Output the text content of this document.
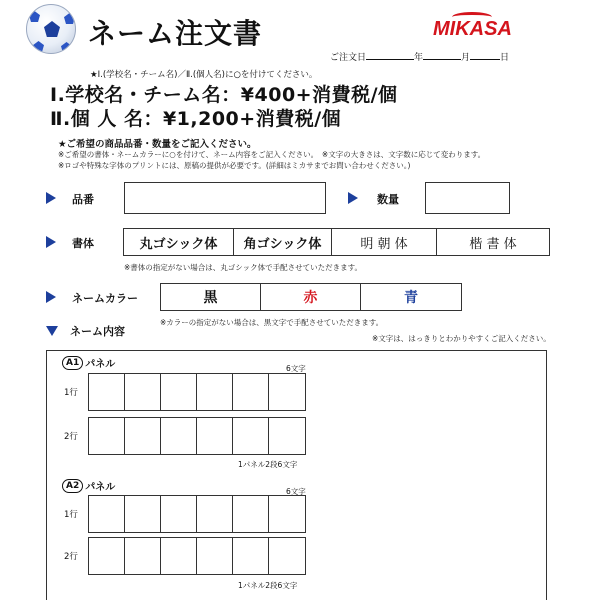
ネーム注文書	MIKASA
ご注文日	年	月	日
★Ⅰ.(学校名・チーム名)／Ⅱ.(個人名)に○を付けてください。
Ⅰ.学校名・チーム名：¥400+消費税/個
Ⅱ.個 人 名：¥1,200+消費税/個
★ご希望の商品品番・数量をご記入ください。
※ご希望の書体・ネームカラーに○を付けて、ネーム内容をご記入ください。　※文字の大きさは、文字数に応じて変わります。
※ロゴや特殊な字体のプリントには、原稿の提供が必要です。(詳細はミカサまでお問い合わせください。)
品番	数量
書体	丸ゴシック体	角ゴシック体	明 朝 体	楷 書 体
※書体の指定がない場合は、丸ゴシック体で手配させていただきます。
ネームカラー	黒	赤	青
※カラーの指定がない場合は、黒文字で手配させていただきます。
ネーム内容
※文字は、はっきりとわかりやすくご記入ください。
A1 パネル	6文字
1行
2行
1パネル2段6文字
A2 パネル	6文字
1行
2行
1パネル2段6文字
